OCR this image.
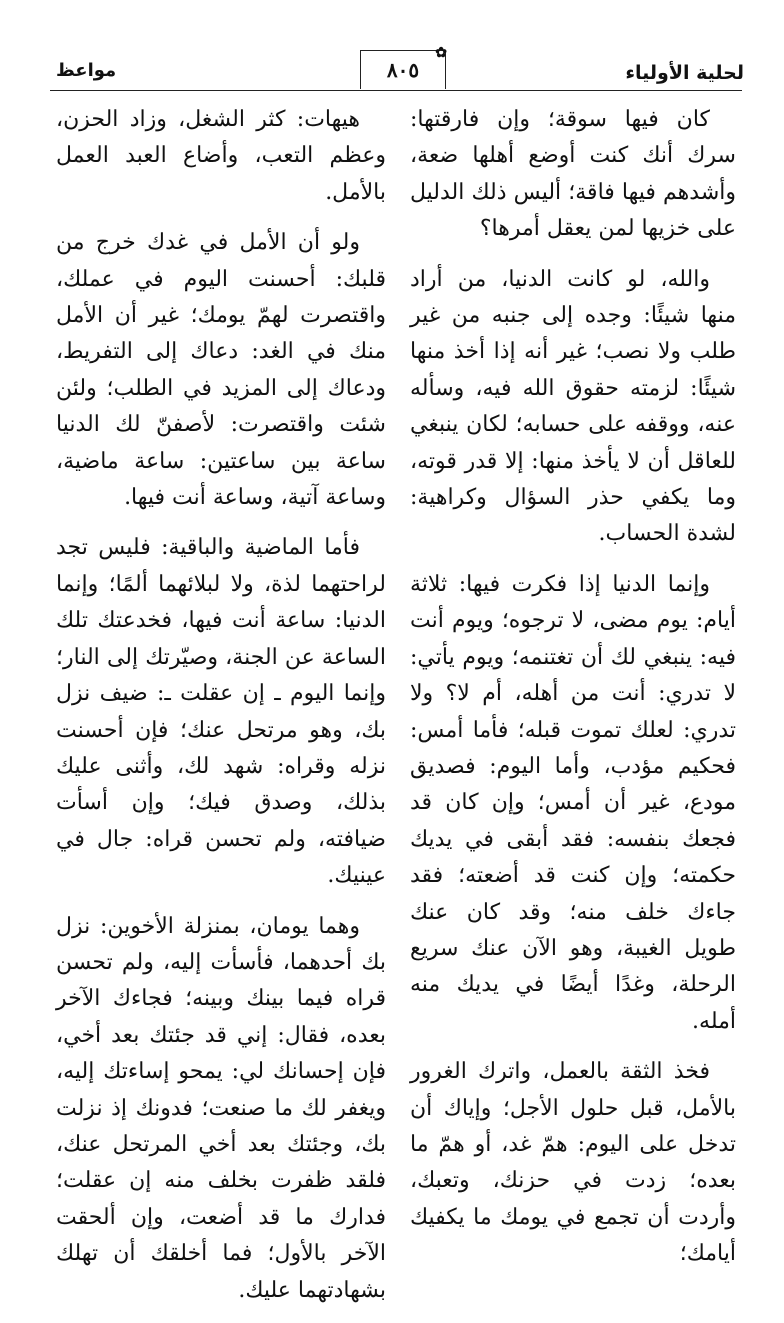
لحلية الأولياء
✿
٨٠٥
مواعظ

كان فيها سوقة؛ وإن فارقتها: سرك أنك كنت أوضع أهلها ضعة، وأشدهم فيها فاقة؛ أليس ذلك الدليل على خزيها لمن يعقل أمرها؟

والله، لو كانت الدنيا، من أراد منها شيئًا: وجده إلى جنبه من غير طلب ولا نصب؛ غير أنه إذا أخذ منها شيئًا: لزمته حقوق الله فيه، وسأله عنه، ووقفه على حسابه؛ لكان ينبغي للعاقل أن لا يأخذ منها: إلا قدر قوته، وما يكفي حذر السؤال وكراهية: لشدة الحساب.

وإنما الدنيا إذا فكرت فيها: ثلاثة أيام: يوم مضى، لا ترجوه؛ ويوم أنت فيه: ينبغي لك أن تغتنمه؛ ويوم يأتي: لا تدري: أنت من أهله، أم لا؟ ولا تدري: لعلك تموت قبله؛ فأما أمس: فحكيم مؤدب، وأما اليوم: فصديق مودع، غير أن أمس؛ وإن كان قد فجعك بنفسه: فقد أبقى في يديك حكمته؛ وإن كنت قد أضعته؛ فقد جاءك خلف منه؛ وقد كان عنك طويل الغيبة، وهو الآن عنك سريع الرحلة، وغدًا أيضًا في يديك منه أمله.

فخذ الثقة بالعمل، واترك الغرور بالأمل، قبل حلول الأجل؛ وإياك أن تدخل على اليوم: همّ غد، أو همّ ما بعده؛ زدت في حزنك، وتعبك، وأردت أن تجمع في يومك ما يكفيك أيامك؛

هيهات: كثر الشغل، وزاد الحزن، وعظم التعب، وأضاع العبد العمل بالأمل.

ولو أن الأمل في غدك خرج من قلبك: أحسنت اليوم في عملك، واقتصرت لهمّ يومك؛ غير أن الأمل منك في الغد: دعاك إلى التفريط، ودعاك إلى المزيد في الطلب؛ ولئن شئت واقتصرت: لأصفنّ لك الدنيا ساعة بين ساعتين: ساعة ماضية، وساعة آتية، وساعة أنت فيها.

فأما الماضية والباقية: فليس تجد لراحتهما لذة، ولا لبلائهما ألمًا؛ وإنما الدنيا: ساعة أنت فيها، فخدعتك تلك الساعة عن الجنة، وصيّرتك إلى النار؛ وإنما اليوم ـ إن عقلت ـ: ضيف نزل بك، وهو مرتحل عنك؛ فإن أحسنت نزله وقراه: شهد لك، وأثنى عليك بذلك، وصدق فيك؛ وإن أسأت ضيافته، ولم تحسن قراه: جال في عينيك.

وهما يومان، بمنزلة الأخوين: نزل بك أحدهما، فأسأت إليه، ولم تحسن قراه فيما بينك وبينه؛ فجاءك الآخر بعده، فقال: إني قد جئتك بعد أخي، فإن إحسانك لي: يمحو إساءتك إليه، ويغفر لك ما صنعت؛ فدونك إذ نزلت بك، وجئتك بعد أخي المرتحل عنك، فلقد ظفرت بخلف منه إن عقلت؛ فدارك ما قد أضعت، وإن ألحقت الآخر بالأول؛ فما أخلقك أن تهلك بشهادتهما عليك.
